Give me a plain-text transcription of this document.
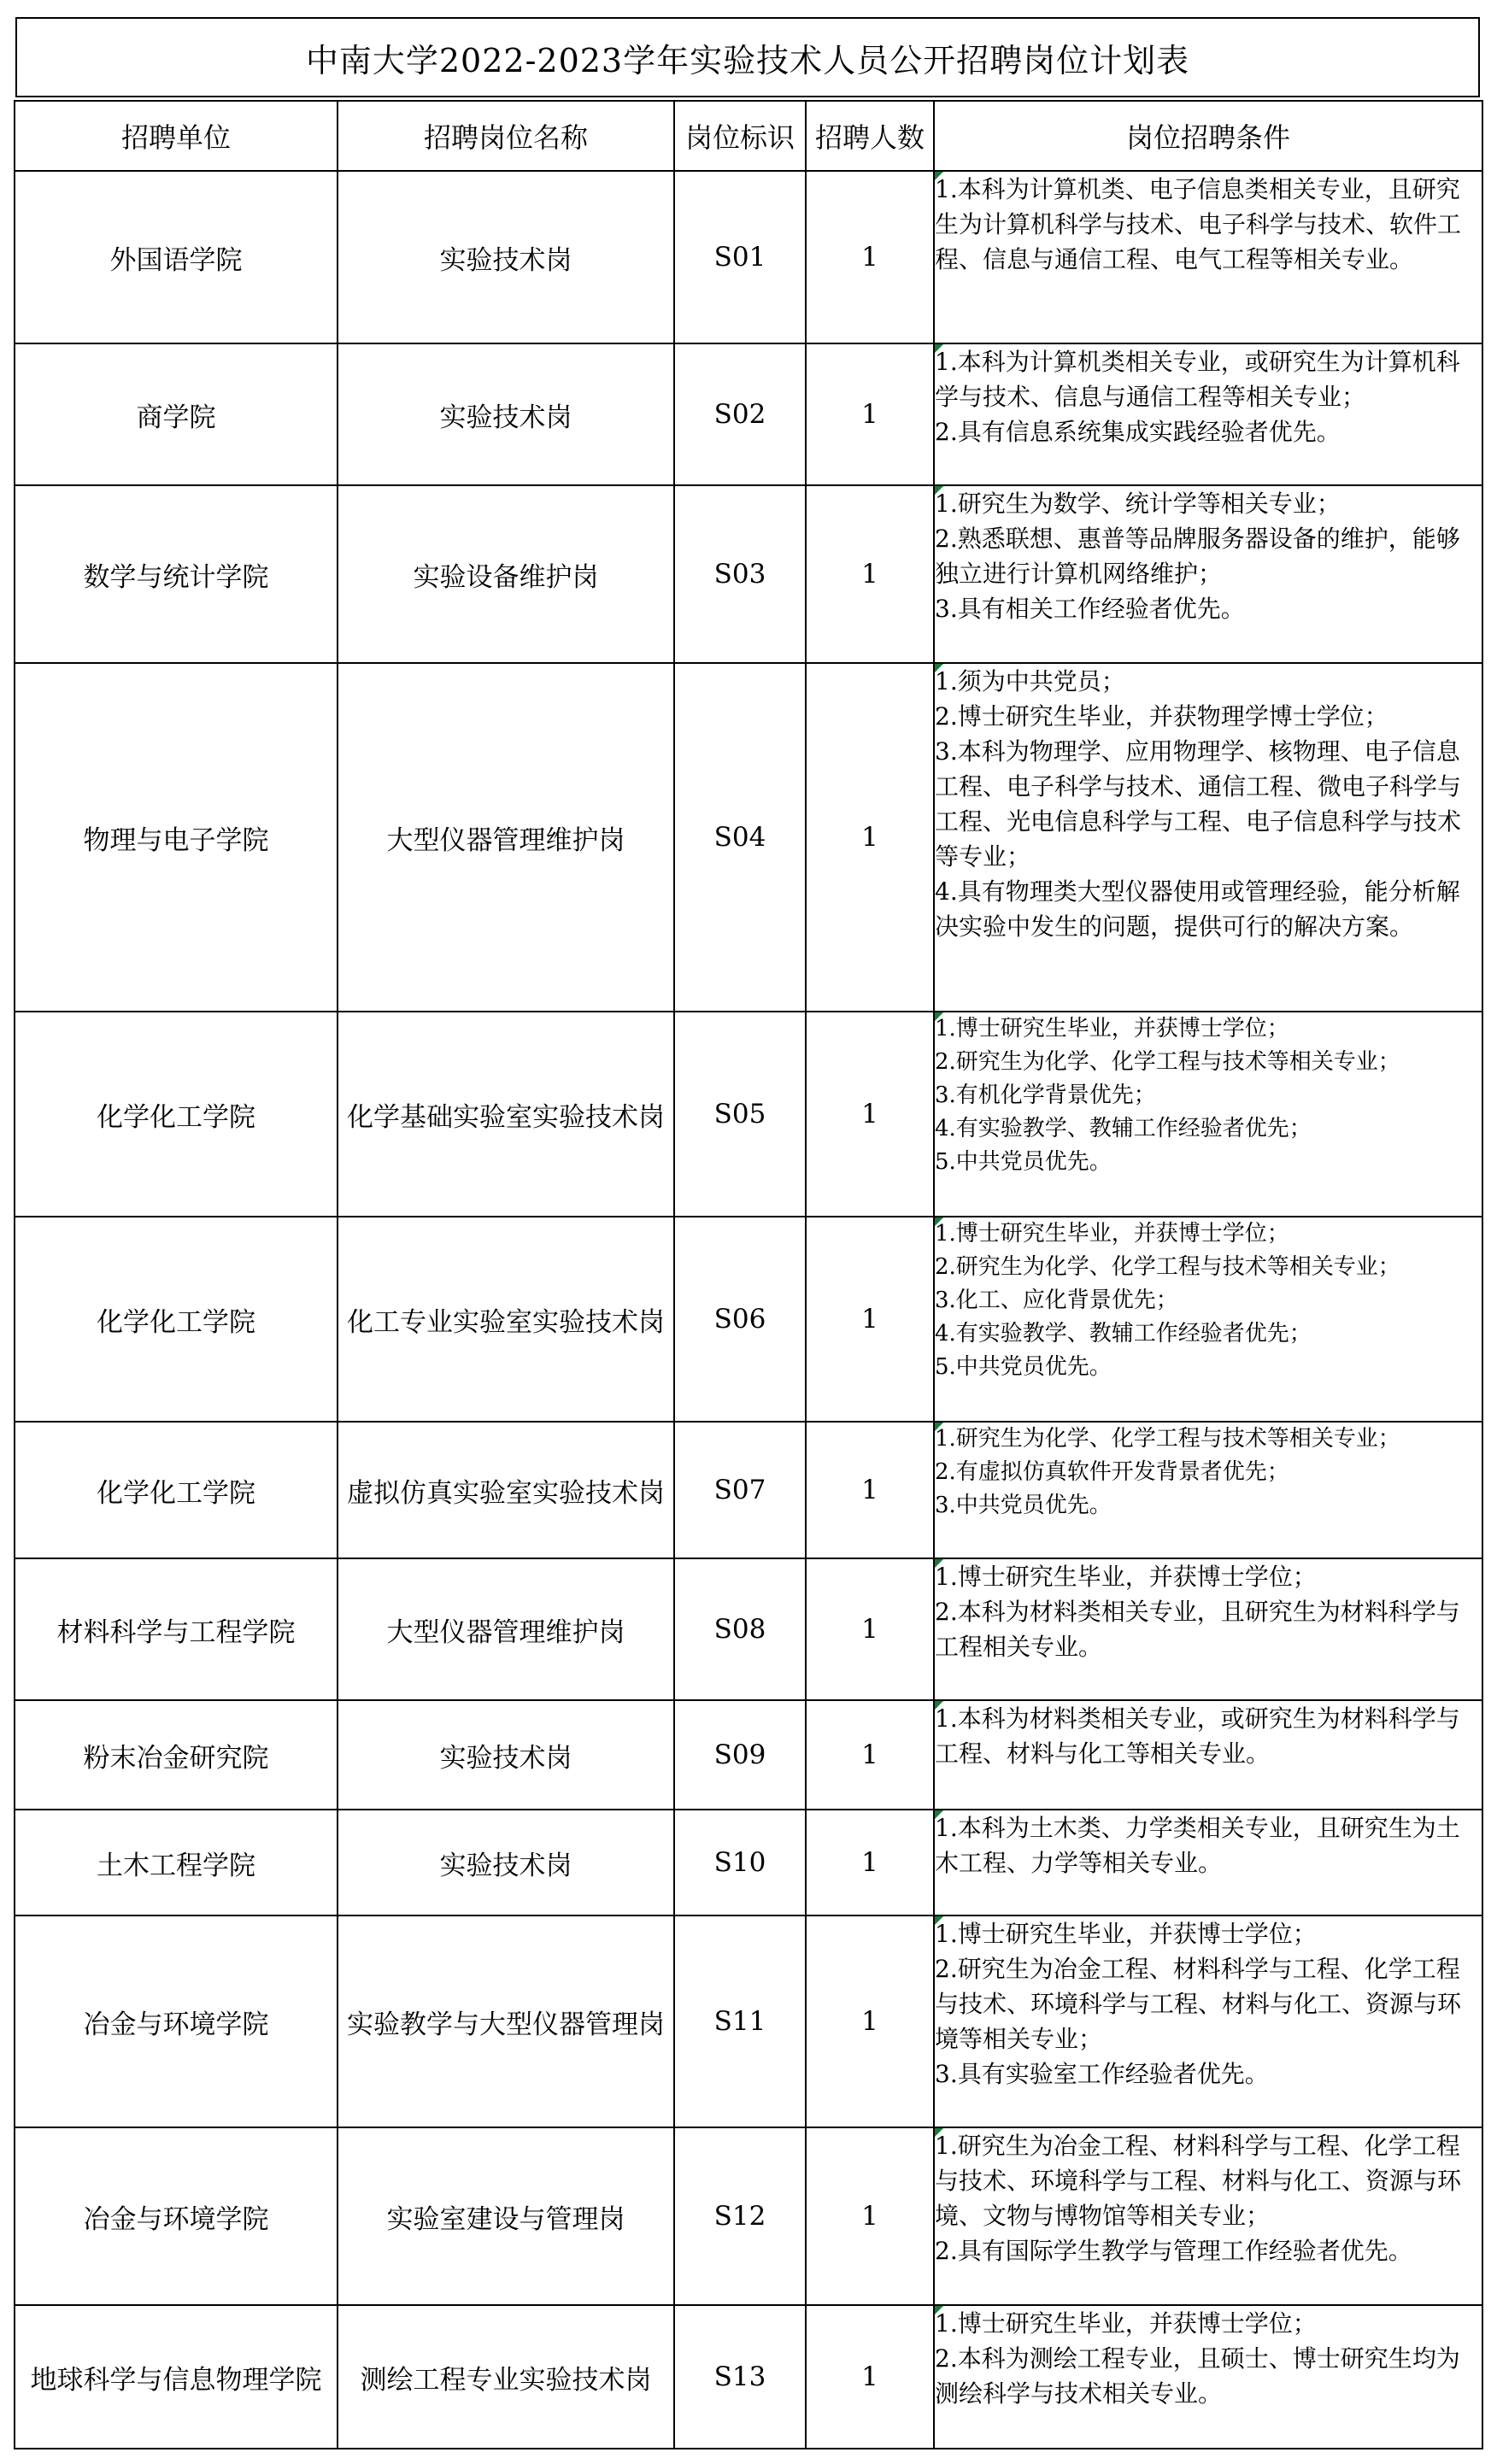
中南大学2022-2023学年实验技术人员公开招聘岗位计划表
招聘单位	招聘岗位名称	岗位标识	招聘人数	岗位招聘条件
外国语学院	实验技术岗	S01	1	1.本科为计算机类、电子信息类相关专业，且研究生为计算机科学与技术、电子科学与技术、软件工程、信息与通信工程、电气工程等相关专业。

商学院	实验技术岗	S02	1	1.本科为计算机类相关专业，或研究生为计算机科学与技术、信息与通信工程等相关专业；
2.具有信息系统集成实践经验者优先。

数学与统计学院	实验设备维护岗	S03	1	1.研究生为数学、统计学等相关专业；
2.熟悉联想、惠普等品牌服务器设备的维护，能够独立进行计算机网络维护；
3.具有相关工作经验者优先。

物理与电子学院	大型仪器管理维护岗	S04	1	1.须为中共党员；
2.博士研究生毕业，并获物理学博士学位；
3.本科为物理学、应用物理学、核物理、电子信息工程、电子科学与技术、通信工程、微电子科学与工程、光电信息科学与工程、电子信息科学与技术等专业；
4.具有物理类大型仪器使用或管理经验，能分析解决实验中发生的问题，提供可行的解决方案。

化学化工学院	化学基础实验室实验技术岗	S05	1	1.博士研究生毕业，并获博士学位；
2.研究生为化学、化学工程与技术等相关专业；
3.有机化学背景优先；
4.有实验教学、教辅工作经验者优先；
5.中共党员优先。

化学化工学院	化工专业实验室实验技术岗	S06	1	1.博士研究生毕业，并获博士学位；
2.研究生为化学、化学工程与技术等相关专业；
3.化工、应化背景优先；
4.有实验教学、教辅工作经验者优先；
5.中共党员优先。

化学化工学院	虚拟仿真实验室实验技术岗	S07	1	1.研究生为化学、化学工程与技术等相关专业；
2.有虚拟仿真软件开发背景者优先；
3.中共党员优先。

材料科学与工程学院	大型仪器管理维护岗	S08	1	1.博士研究生毕业，并获博士学位；
2.本科为材料类相关专业，且研究生为材料科学与工程相关专业。

粉末冶金研究院	实验技术岗	S09	1	1.本科为材料类相关专业，或研究生为材料科学与工程、材料与化工等相关专业。

土木工程学院	实验技术岗	S10	1	1.本科为土木类、力学类相关专业，且研究生为土木工程、力学等相关专业。

冶金与环境学院	实验教学与大型仪器管理岗	S11	1	1.博士研究生毕业，并获博士学位；
2.研究生为冶金工程、材料科学与工程、化学工程与技术、环境科学与工程、材料与化工、资源与环境等相关专业；
3.具有实验室工作经验者优先。

冶金与环境学院	实验室建设与管理岗	S12	1	1.研究生为冶金工程、材料科学与工程、化学工程与技术、环境科学与工程、材料与化工、资源与环境、文物与博物馆等相关专业；
2.具有国际学生教学与管理工作经验者优先。

地球科学与信息物理学院	测绘工程专业实验技术岗	S13	1	1.博士研究生毕业，并获博士学位；
2.本科为测绘工程专业，且硕士、博士研究生均为测绘科学与技术相关专业。
